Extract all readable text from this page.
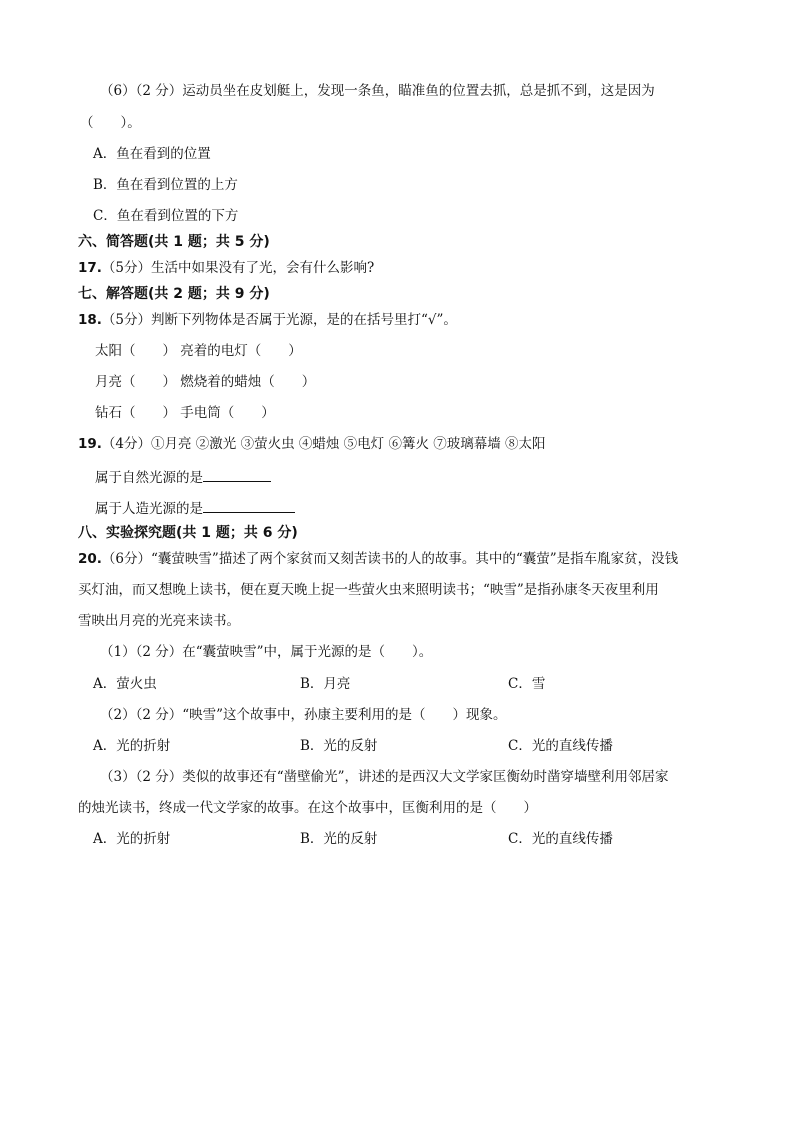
（6）（2 分）运动员坐在皮划艇上，发现一条鱼，瞄准鱼的位置去抓，总是抓不到，这是因为
（　　）。
A．鱼在看到的位置
B．鱼在看到位置的上方
C．鱼在看到位置的下方
六、简答题(共 1 题；共 5 分)
17.（5分）生活中如果没有了光，会有什么影响?
七、解答题(共 2 题；共 9 分)
18.（5分）判断下列物体是否属于光源，是的在括号里打“√”。
太阳（　　） 亮着的电灯（　　）
月亮（　　） 燃烧着的蜡烛（　　）
钻石（　　） 手电筒（　　）
19.（4分）①月亮 ②激光 ③萤火虫 ④蜡烛 ⑤电灯 ⑥篝火 ⑦玻璃幕墙 ⑧太阳
属于自然光源的是
属于人造光源的是
八、实验探究题(共 1 题；共 6 分)
20.（6分）“囊萤映雪”描述了两个家贫而又刻苦读书的人的故事。其中的“囊萤”是指车胤家贫，没钱
买灯油，而又想晚上读书，便在夏天晚上捉一些萤火虫来照明读书；“映雪”是指孙康冬天夜里利用
雪映出月亮的光亮来读书。
（1）（2 分）在“囊萤映雪”中，属于光源的是（　　）。
A．萤火虫	B．月亮	C．雪
（2）（2 分）“映雪”这个故事中，孙康主要利用的是（　　）现象。
A．光的折射	B．光的反射	C．光的直线传播
（3）（2 分）类似的故事还有“凿壁偷光”，讲述的是西汉大文学家匡衡幼时凿穿墙壁利用邻居家
的烛光读书，终成一代文学家的故事。在这个故事中，匡衡利用的是（　　）
A．光的折射	B．光的反射	C．光的直线传播
